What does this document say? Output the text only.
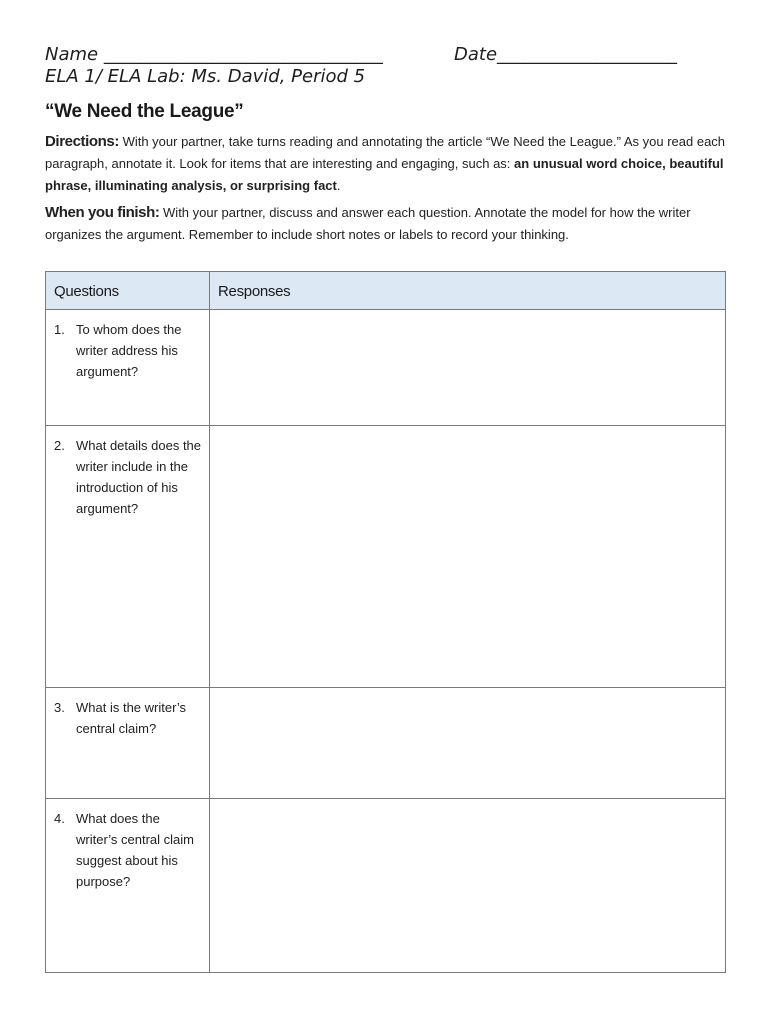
Name _______________________________	Date____________________
ELA 1/ ELA Lab: Ms. David, Period 5
“We Need the League”
Directions: With your partner, take turns reading and annotating the article “We Need the League.” As you read each paragraph, annotate it. Look for items that are interesting and engaging, such as: an unusual word choice, beautiful phrase, illuminating analysis, or surprising fact.
When you finish: With your partner, discuss and answer each question. Annotate the model for how the writer organizes the argument. Remember to include short notes or labels to record your thinking.
Questions	Responses

1. To whom does the writer address his argument?	

2. What details does the writer include in the introduction of his argument?	

3. What is the writer’s central claim?	

4. What does the writer’s central claim suggest about his purpose?	
